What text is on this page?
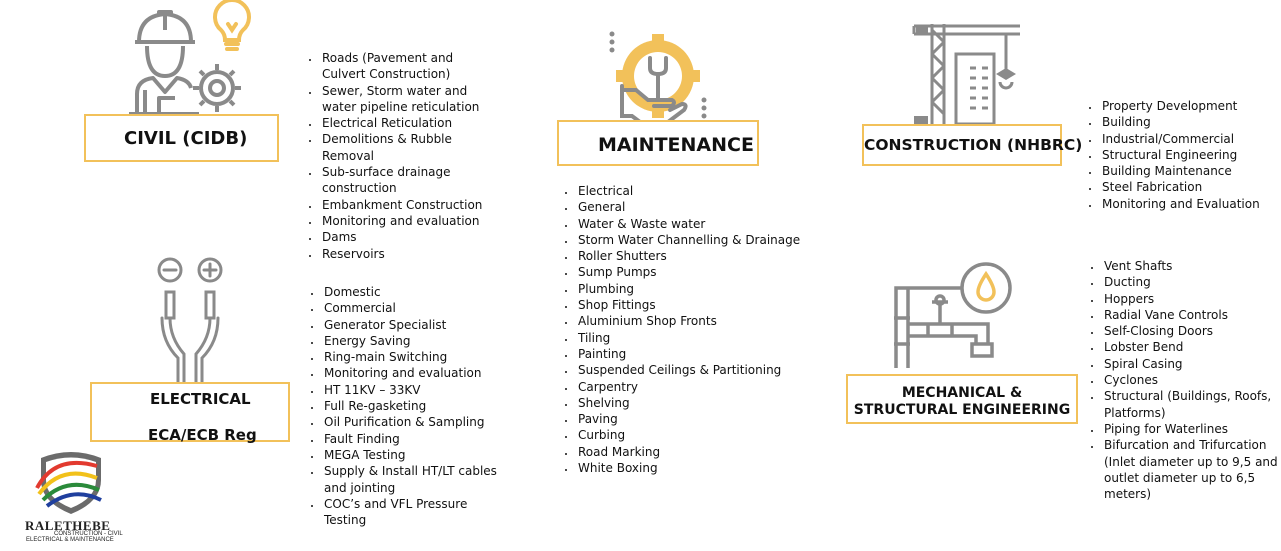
CIVIL (CIDB)
• Roads (Pavement and Culvert Construction)
• Sewer, Storm water and water pipeline reticulation
• Electrical Reticulation
• Demolitions & Rubble Removal
• Sub-surface drainage construction
• Embankment Construction
• Monitoring and evaluation
• Dams
• Reservoirs
MAINTENANCE
• Electrical
• General
• Water & Waste water
• Storm Water Channelling & Drainage
• Roller Shutters
• Sump Pumps
• Plumbing
• Shop Fittings
• Aluminium Shop Fronts
• Tiling
• Painting
• Suspended Ceilings & Partitioning
• Carpentry
• Shelving
• Paving
• Curbing
• Road Marking
• White Boxing
CONSTRUCTION (NHBRC)
• Property Development
• Building
• Industrial/Commercial
• Structural Engineering
• Building Maintenance
• Steel Fabrication
• Monitoring and Evaluation
ELECTRICAL
ECA/ECB Reg
• Domestic
• Commercial
• Generator Specialist
• Energy Saving
• Ring-main Switching
• Monitoring and evaluation
• HT 11KV – 33KV
• Full Re-gasketing
• Oil Purification & Sampling
• Fault Finding
• MEGA Testing
• Supply & Install HT/LT cables and jointing
• COC’s and VFL Pressure Testing
MECHANICAL &
STRUCTURAL ENGINEERING
• Vent Shafts
• Ducting
• Hoppers
• Radial Vane Controls
• Self-Closing Doors
• Lobster Bend
• Spiral Casing
• Cyclones
• Structural (Buildings, Roofs, Platforms)
• Piping for Waterlines
• Bifurcation and Trifurcation (Inlet diameter up to 9,5 and outlet diameter up to 6,5 meters)
RALETHEBE
CONSTRUCTION - CIVIL
ELECTRICAL & MAINTENANCE
